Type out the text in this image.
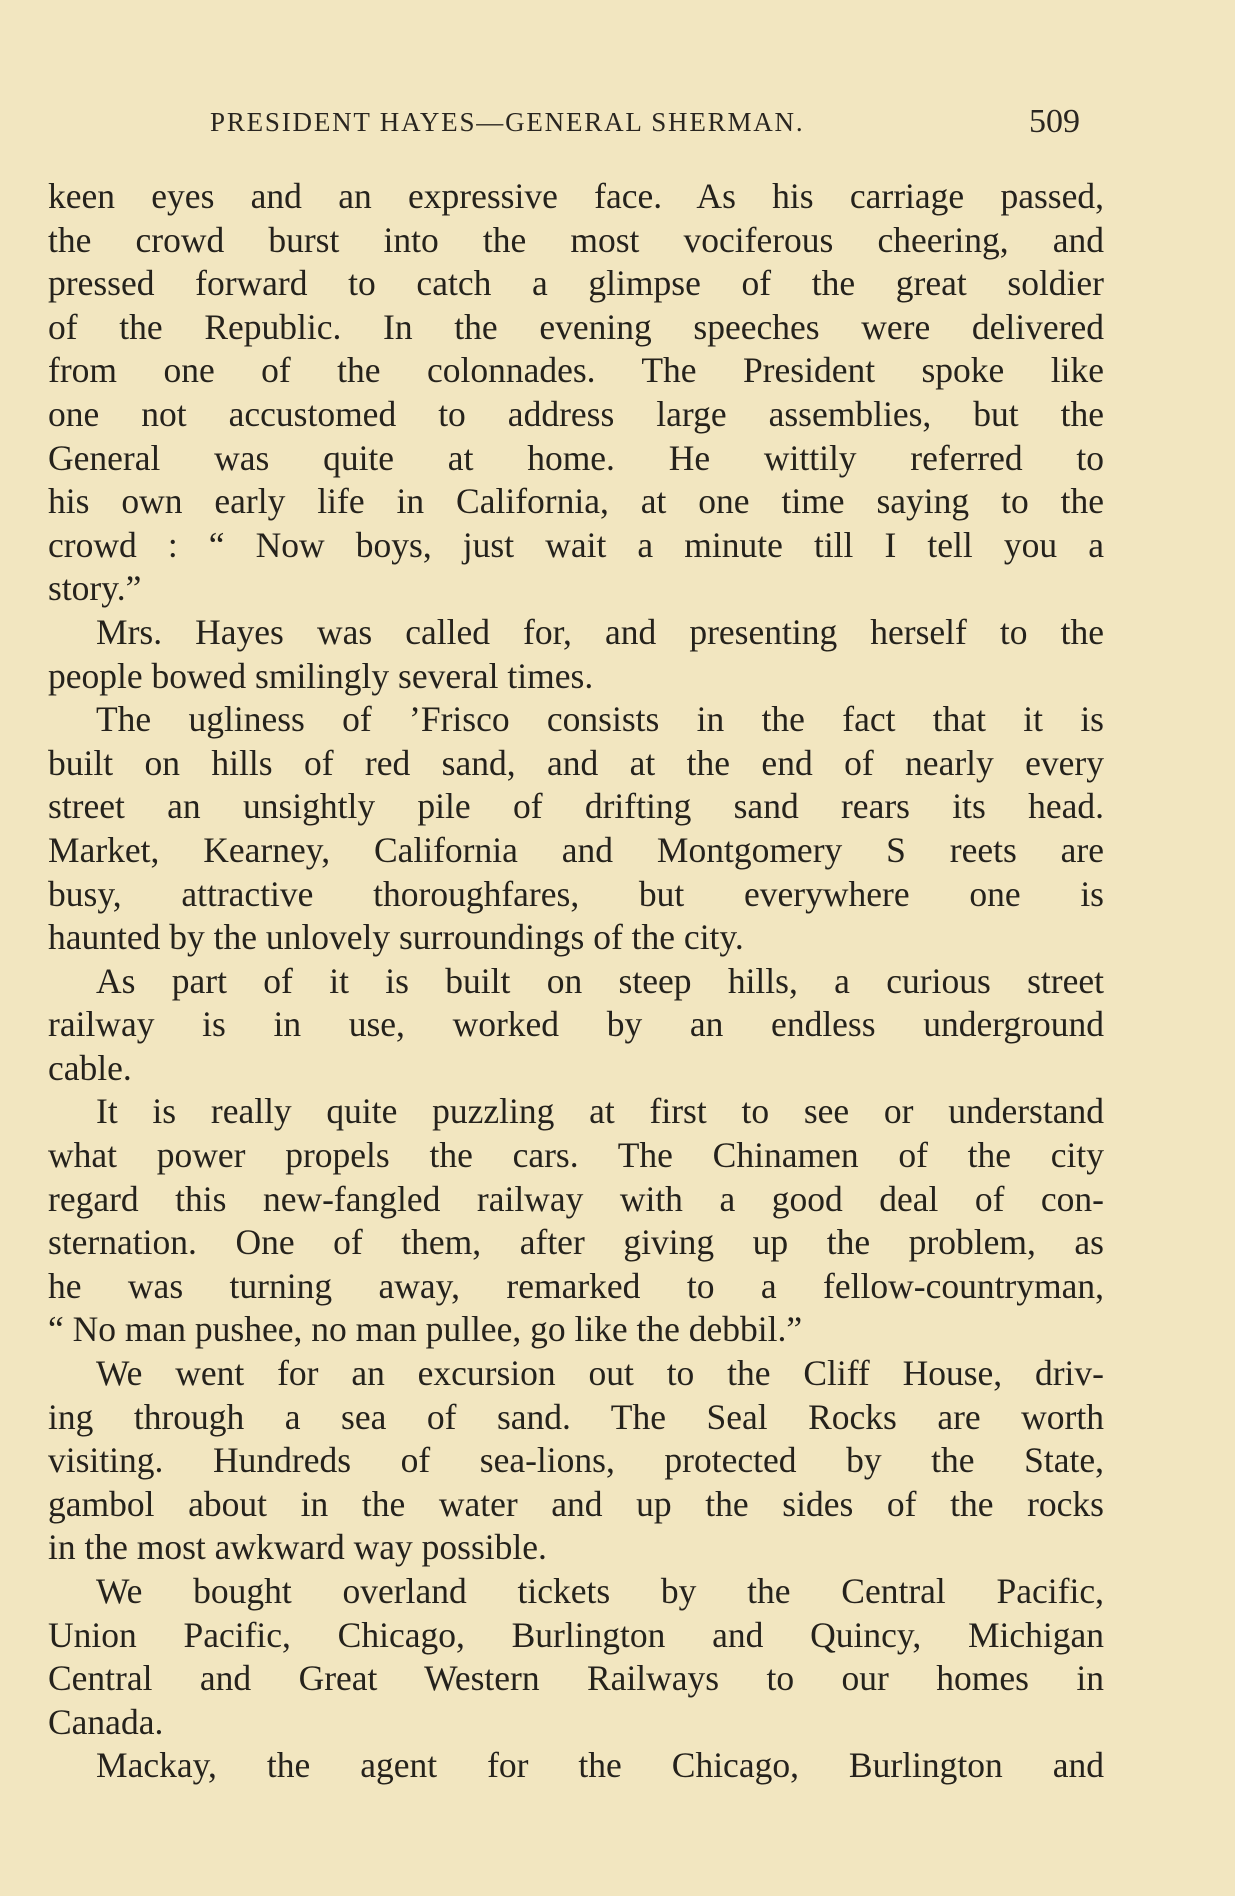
PRESIDENT HAYES—GENERAL SHERMAN.	509
keen eyes and an expressive face. As his carriage passed,
the crowd burst into the most vociferous cheering, and
pressed forward to catch a glimpse of the great soldier
of the Republic. In the evening speeches were delivered
from one of the colonnades. The President spoke like
one not accustomed to address large assemblies, but the
General was quite at home. He wittily referred to
his own early life in California, at one time saying to the
crowd : “ Now boys, just wait a minute till I tell you a
story.”
Mrs. Hayes was called for, and presenting herself to the
people bowed smilingly several times.
The ugliness of ’Frisco consists in the fact that it is
built on hills of red sand, and at the end of nearly every
street an unsightly pile of drifting sand rears its head.
Market, Kearney, California and Montgomery S reets are
busy, attractive thoroughfares, but everywhere one is
haunted by the unlovely surroundings of the city.
As part of it is built on steep hills, a curious street
railway is in use, worked by an endless underground
cable.
It is really quite puzzling at first to see or understand
what power propels the cars. The Chinamen of the city
regard this new-fangled railway with a good deal of con-
sternation. One of them, after giving up the problem, as
he was turning away, remarked to a fellow-countryman,
“ No man pushee, no man pullee, go like the debbil.”
We went for an excursion out to the Cliff House, driv-
ing through a sea of sand. The Seal Rocks are worth
visiting. Hundreds of sea-lions, protected by the State,
gambol about in the water and up the sides of the rocks
in the most awkward way possible.
We bought overland tickets by the Central Pacific,
Union Pacific, Chicago, Burlington and Quincy, Michigan
Central and Great Western Railways to our homes in
Canada.
Mackay, the agent for the Chicago, Burlington and
